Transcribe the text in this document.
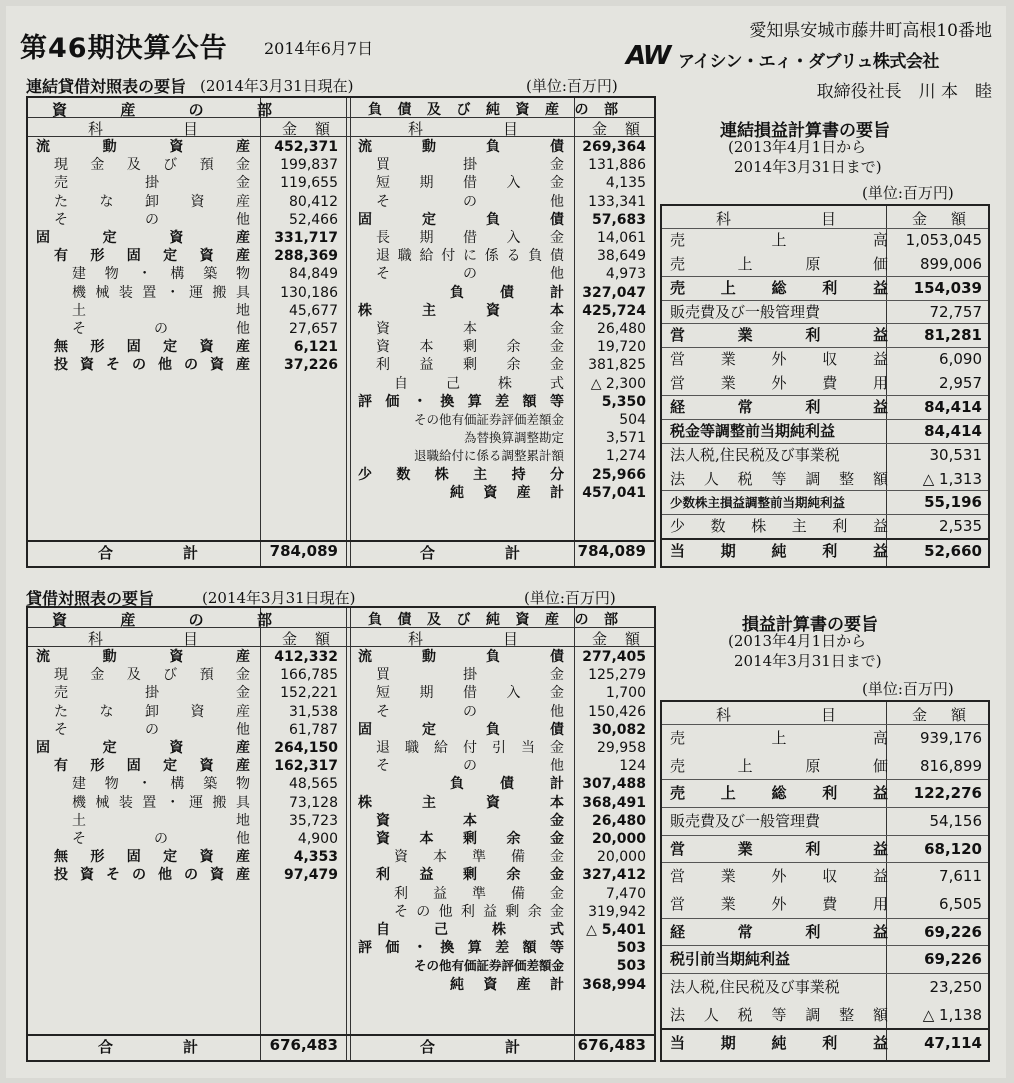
第46期決算公告 2014年6月7日
愛知県安城市藤井町高根10番地
AW アイシン・エィ・ダブリュ株式会社
取締役社長　川 本　睦
連結貸借対照表の要旨 (2014年3月31日現在)	(単位:百万円)
資	産	の	部	負 債 及 び 純 資 産 の 部
科	目	金 額	科	目	金 額
流	動	資	産	452,371
現 金 及 び 預 金	199,837
売	掛	金	119,655
た な 卸 資 産	80,412
そ	の	他	52,466
固	定	資	産	331,717
有 形 固 定 資 産	288,369
建 物 ・ 構 築 物	84,849
機 械 装 置 ・ 運 搬 具	130,186
土	地	45,677
そ	の	他	27,657
無 形 固 定 資 産	6,121
投 資 そ の 他 の 資 産	37,226
流	動	負	債	269,364
買	掛	金	131,886
短 期 借 入 金	4,135
そ	の	他	133,341
固	定	負	債	57,683
長 期 借 入 金	14,061
退 職 給 付 に 係 る 負 債	38,649
そ	の	他	4,973
負	債	計	327,047
株	主	資	本	425,724
資	本	金	26,480
資 本 剰 余 金	19,720
利 益 剰 余 金	381,825
自	己	株	式	△ 2,300
評 価 ・ 換 算 差 額 等	5,350
その他有価証券評価差額金	504
為替換算調整勘定	3,571
退職給付に係る調整累計額	1,274
少 数 株 主 持 分	25,966
純 資 産 計	457,041
合	計	784,089	合	計	784,089
連結損益計算書の要旨
(2013年4月1日から
2014年3月31日まで)
(単位:百万円)
科	目	金 額
売	上	高 1,053,045
売	上	原	価 899,006
売 上 総 利 益 154,039
販売費及び一般管理費	72,757
営	業	利	益 81,281
営 業 外 収 益	6,090
営 業 外 費 用	2,957
経	常	利	益 84,414
税金等調整前当期純利益	84,414
法人税,住民税及び事業税	30,531
法 人 税 等 調 整 額 △ 1,313
少数株主損益調整前当期純利益	55,196
少 数 株 主 利 益	2,535
当 期 純 利 益 52,660
貸借対照表の要旨	(2014年3月31日現在)	(単位:百万円)
資	産	の	部	負 債 及 び 純 資 産 の 部
科	目	金 額	科	目	金 額
流	動	資	産	412,332
現 金 及 び 預 金	166,785
売	掛	金	152,221
た な 卸 資 産	31,538
そ	の	他	61,787
固	定	資	産	264,150
有 形 固 定 資 産	162,317
建 物 ・ 構 築 物	48,565
機 械 装 置 ・ 運 搬 具	73,128
土	地	35,723
そ	の	他	4,900
無 形 固 定 資 産	4,353
投 資 そ の 他 の 資 産	97,479
流	動	負	債	277,405
買	掛	金	125,279
短 期 借 入 金	1,700
そ	の	他	150,426
固	定	負	債	30,082
退 職 給 付 引 当 金	29,958
そ	の	他	124
負	債	計	307,488
株	主	資	本	368,491
資	本	金	26,480
資 本 剰 余 金	20,000
資 本 準 備 金	20,000
利 益 剰 余 金	327,412
利 益 準 備 金	7,470
そ の 他 利 益 剰 余 金	319,942
自	己	株	式	△ 5,401
評 価 ・ 換 算 差 額 等	503
その他有価証券評価差額金	503
純 資 産 計	368,994
合	計	676,483	合	計	676,483
損益計算書の要旨
(2013年4月1日から
2014年3月31日まで)
(単位:百万円)
科	目	金 額
売	上	高 939,176
売	上	原	価 816,899
売 上 総 利 益 122,276
販売費及び一般管理費	54,156
営	業	利	益 68,120
営 業 外 収 益	7,611
営 業 外 費 用	6,505
経	常	利	益 69,226
税引前当期純利益	69,226
法人税,住民税及び事業税	23,250
法 人 税 等 調 整 額 △ 1,138
当 期 純 利 益 47,114
